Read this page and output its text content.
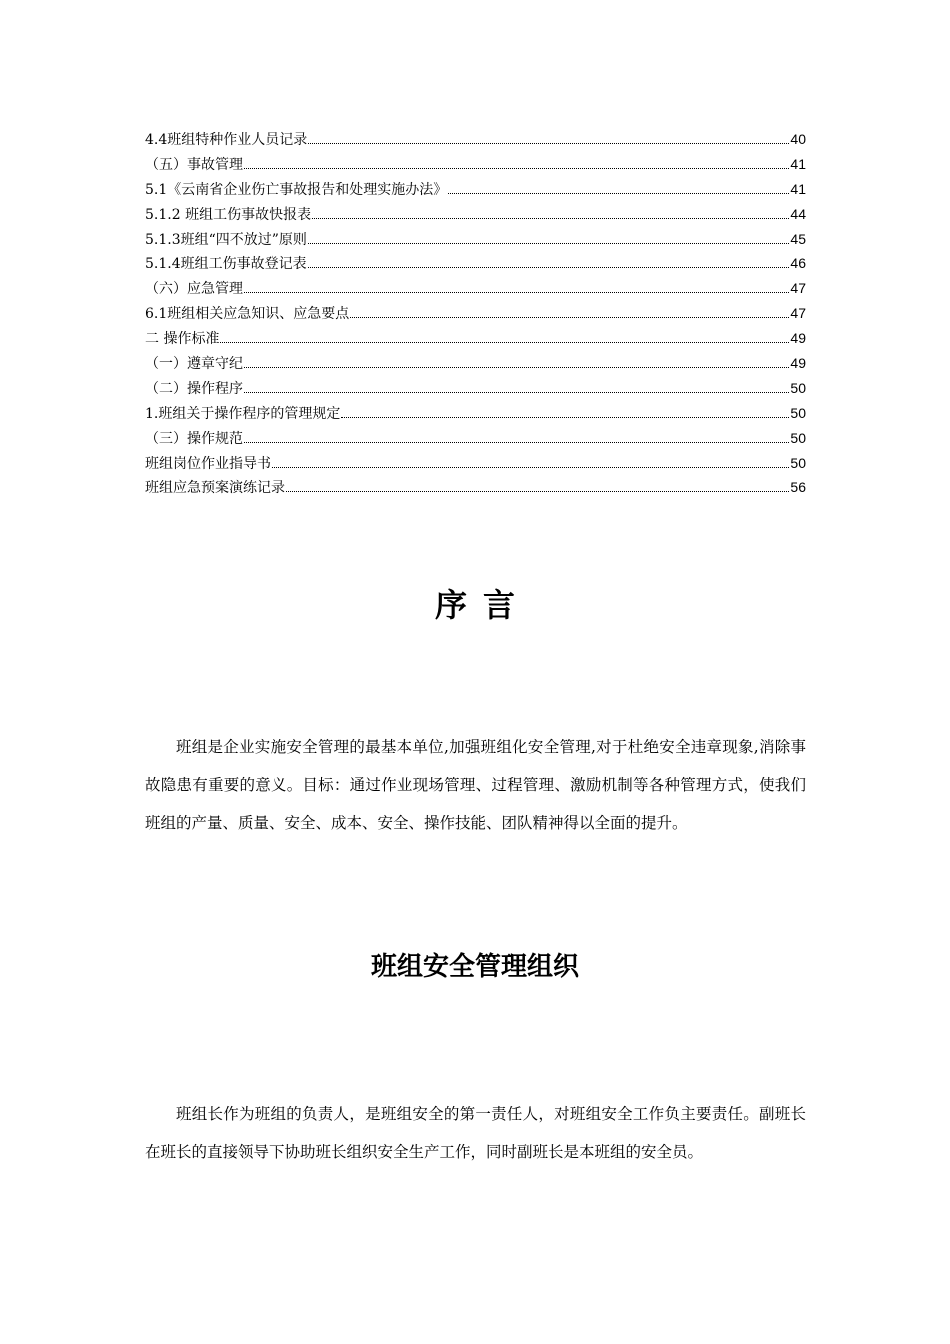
4.4班组特种作业人员记录	40
（五）事故管理	41
5.1《云南省企业伤亡事故报告和处理实施办法》	41
5.1.2 班组工伤事故快报表	44
5.1.3班组“四不放过”原则	45
5.1.4班组工伤事故登记表	46
（六）应急管理	47
6.1班组相关应急知识、应急要点	47
二 操作标准	49
（一）遵章守纪	49
（二）操作程序	50
1.班组关于操作程序的管理规定	50
（三）操作规范	50
班组岗位作业指导书	50
班组应急预案演练记录	56
序言

班组是企业实施安全管理的最基本单位,加强班组化安全管理,对于杜绝安全违章现象,消除事故隐患有重要的意义。目标：通过作业现场管理、过程管理、激励机制等各种管理方式，使我们班组的产量、质量、安全、成本、安全、操作技能、团队精神得以全面的提升。

班组安全管理组织

班组长作为班组的负责人，是班组安全的第一责任人，对班组安全工作负主要责任。副班长在班长的直接领导下协助班长组织安全生产工作，同时副班长是本班组的安全员。
